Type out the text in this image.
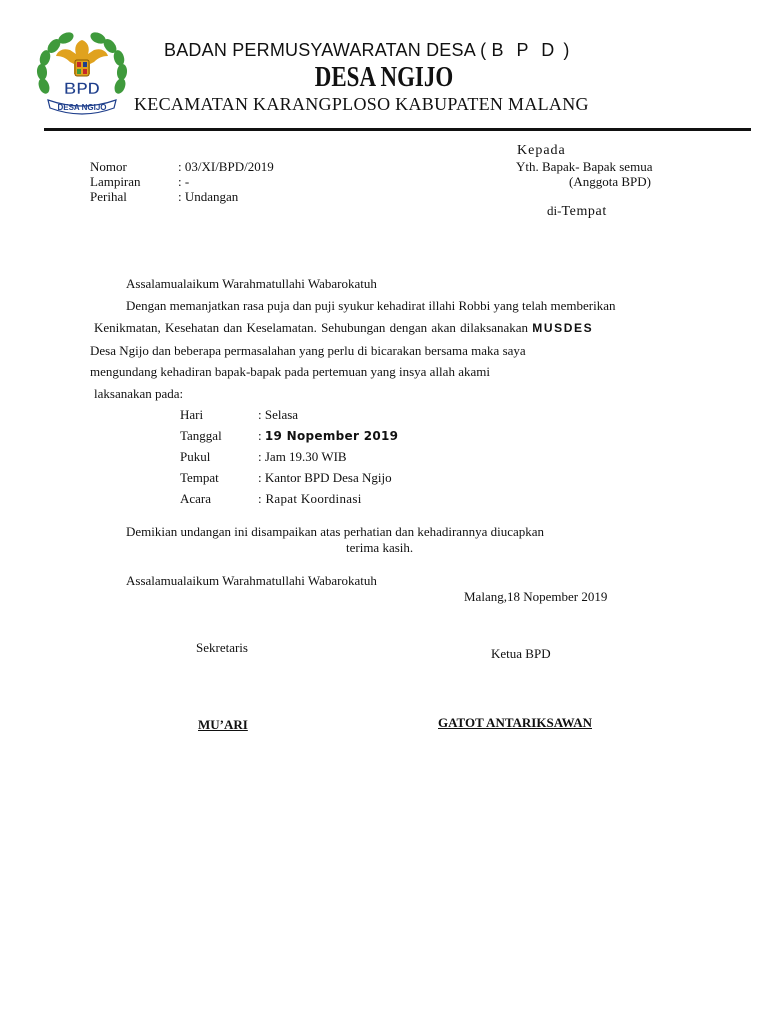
BPD
DESA NGIJO
BADAN PERMUSYAWARATAN DESA ( B P D )
DESA NGIJO
KECAMATAN KARANGPLOSO KABUPATEN MALANG
Nomor	: 03/XI/BPD/2019
Lampiran	: -
Perihal	: Undangan
Kepada
Yth. Bapak- Bapak semua
(Anggota BPD)
di-Tempat
Assalamualaikum Warahmatullahi Wabarokatuh
Dengan memanjatkan rasa puja dan puji syukur kehadirat illahi Robbi yang telah memberikan
Kenikmatan, Kesehatan dan Keselamatan. Sehubungan dengan akan dilaksanakan MUSDES
Desa Ngijo dan beberapa permasalahan yang perlu di bicarakan bersama maka saya
mengundang kehadiran bapak-bapak pada pertemuan yang insya allah akami
laksanakan pada:
Hari	: Selasa
Tanggal	: 19 Nopember 2019
Pukul	: Jam 19.30 WIB
Tempat	: Kantor BPD Desa Ngijo
Acara	: Rapat Koordinasi
Demikian undangan ini disampaikan atas perhatian dan kehadirannya diucapkan
terima kasih.
Assalamualaikum Warahmatullahi Wabarokatuh
Malang,18 Nopember 2019
Sekretaris	Ketua BPD
MU’ARI	GATOT ANTARIKSAWAN
